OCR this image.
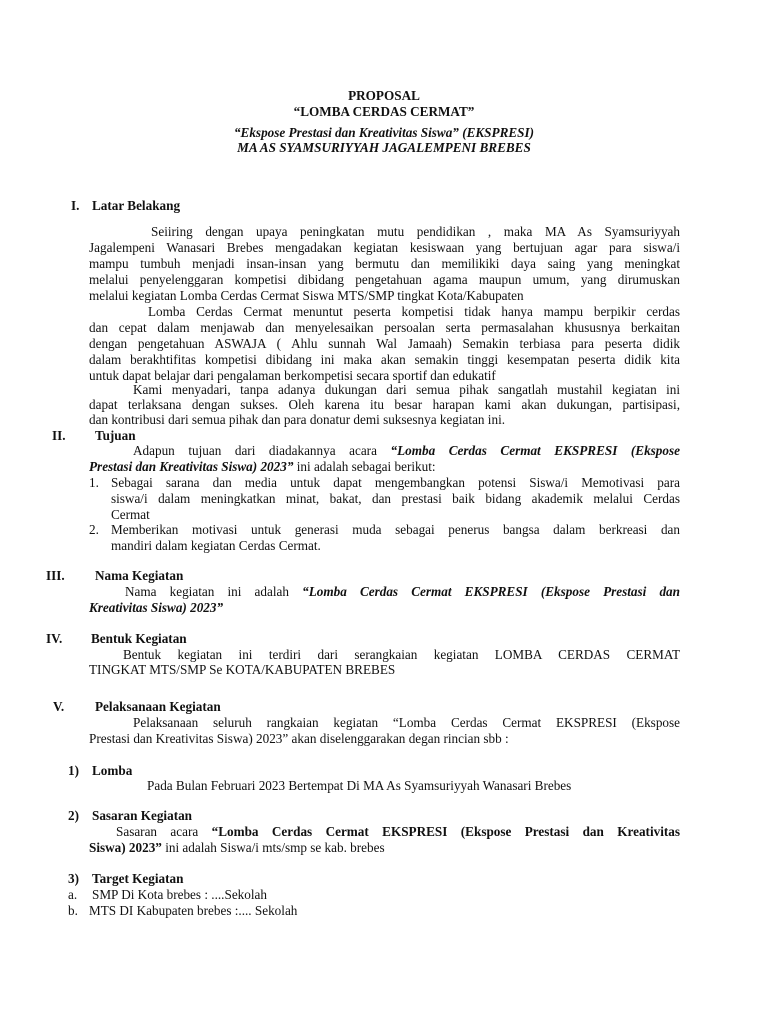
PROPOSAL
“LOMBA CERDAS CERMAT”
“Ekspose Prestasi dan Kreativitas Siswa” (EKSPRESI)
MA AS SYAMSURIYYAH JAGALEMPENI BREBES
I. Latar Belakang
Seiiring dengan upaya peningkatan mutu pendidikan , maka MA As Syamsuriyyah
Jagalempeni Wanasari Brebes mengadakan kegiatan kesiswaan yang bertujuan agar para siswa/i
mampu tumbuh menjadi insan-insan yang bermutu dan memilikiki daya saing yang meningkat
melalui penyelenggaran kompetisi dibidang pengetahuan agama maupun umum, yang dirumuskan
melalui kegiatan Lomba Cerdas Cermat Siswa MTS/SMP tingkat Kota/Kabupaten
Lomba Cerdas Cermat menuntut peserta kompetisi tidak hanya mampu berpikir cerdas
dan cepat dalam menjawab dan menyelesaikan persoalan serta permasalahan khususnya berkaitan
dengan pengetahuan ASWAJA ( Ahlu sunnah Wal Jamaah) Semakin terbiasa para peserta didik
dalam berakhtifitas kompetisi dibidang ini maka akan semakin tinggi kesempatan peserta didik kita
untuk dapat belajar dari pengalaman berkompetisi secara sportif dan edukatif
Kami menyadari, tanpa adanya dukungan dari semua pihak sangatlah mustahil kegiatan ini
dapat terlaksana dengan sukses. Oleh karena itu besar harapan kami akan dukungan, partisipasi,
dan kontribusi dari semua pihak dan para donatur demi suksesnya kegiatan ini.
II. Tujuan
Adapun tujuan dari diadakannya acara “Lomba Cerdas Cermat EKSPRESI (Ekspose
Prestasi dan Kreativitas Siswa) 2023” ini adalah sebagai berikut:
1. Sebagai sarana dan media untuk dapat mengembangkan potensi Siswa/i Memotivasi para
siswa/i dalam meningkatkan minat, bakat, dan prestasi baik bidang akademik melalui Cerdas
Cermat
2. Memberikan motivasi untuk generasi muda sebagai penerus bangsa dalam berkreasi dan
mandiri dalam kegiatan Cerdas Cermat.
III. Nama Kegiatan
Nama kegiatan ini adalah “Lomba Cerdas Cermat EKSPRESI (Ekspose Prestasi dan
Kreativitas Siswa) 2023”
IV. Bentuk Kegiatan
Bentuk kegiatan ini terdiri dari serangkaian kegiatan LOMBA CERDAS CERMAT
TINGKAT MTS/SMP Se KOTA/KABUPATEN BREBES
V. Pelaksanaan Kegiatan
Pelaksanaan seluruh rangkaian kegiatan “Lomba Cerdas Cermat EKSPRESI (Ekspose
Prestasi dan Kreativitas Siswa) 2023” akan diselenggarakan degan rincian sbb :
1) Lomba
Pada Bulan Februari 2023 Bertempat Di MA As Syamsuriyyah Wanasari Brebes
2) Sasaran Kegiatan
Sasaran acara “Lomba Cerdas Cermat EKSPRESI (Ekspose Prestasi dan Kreativitas
Siswa) 2023” ini adalah Siswa/i mts/smp se kab. brebes
3) Target Kegiatan
a. SMP Di Kota brebes : ....Sekolah
b. MTS DI Kabupaten brebes :.... Sekolah
